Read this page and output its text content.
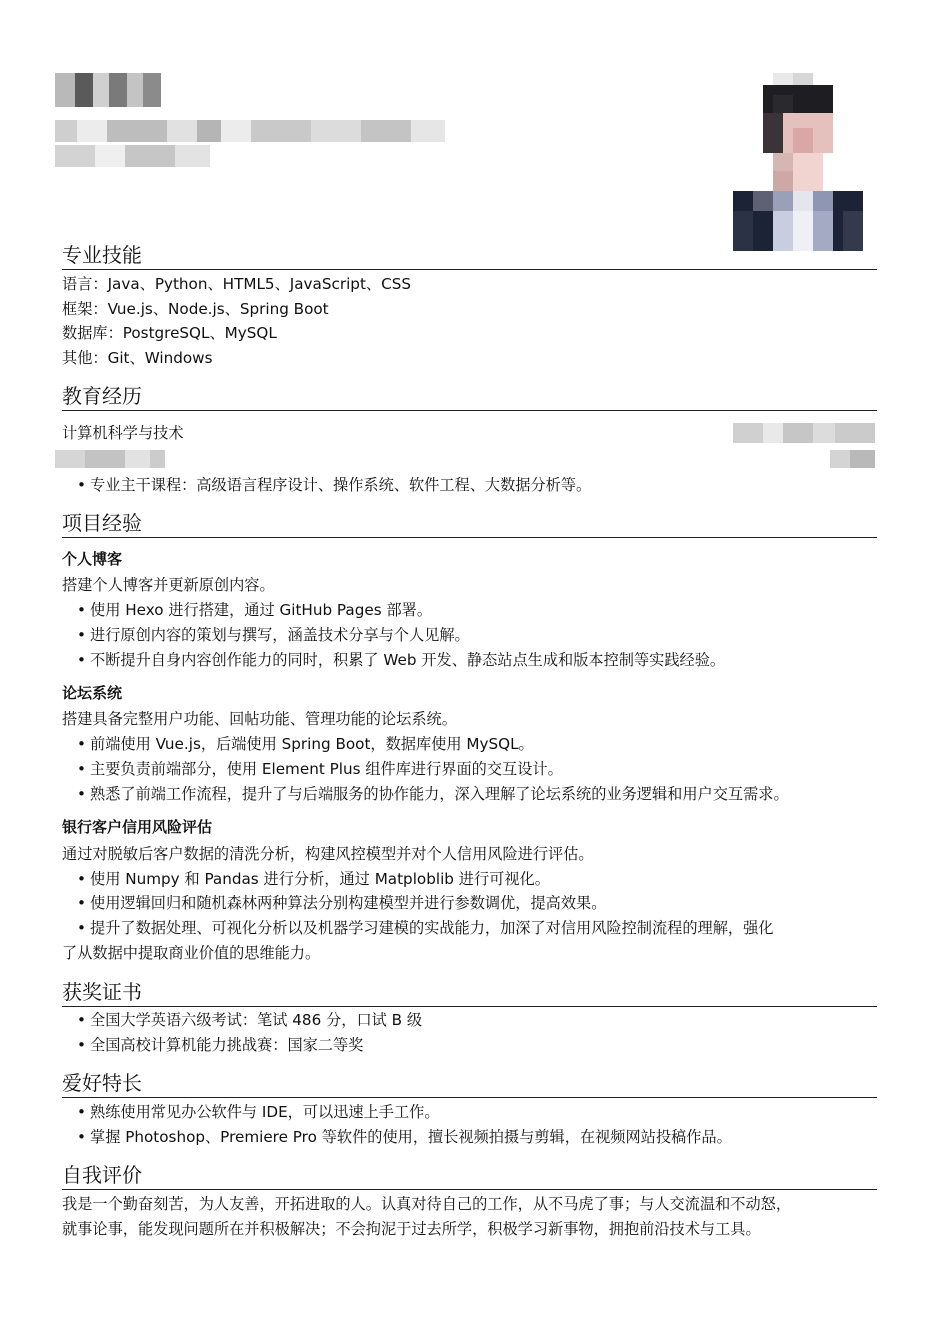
专业技能
语言：Java、Python、HTML5、JavaScript、CSS
框架：Vue.js、Node.js、Spring Boot
数据库：PostgreSQL、MySQL
其他：Git、Windows
教育经历
计算机科学与技术
• 专业主干课程：高级语言程序设计、操作系统、软件工程、大数据分析等。
项目经验
个人博客
搭建个人博客并更新原创内容。
• 使用 Hexo 进行搭建，通过 GitHub Pages 部署。
• 进行原创内容的策划与撰写，涵盖技术分享与个人见解。
• 不断提升自身内容创作能力的同时，积累了 Web 开发、静态站点生成和版本控制等实践经验。
论坛系统
搭建具备完整用户功能、回帖功能、管理功能的论坛系统。
• 前端使用 Vue.js，后端使用 Spring Boot，数据库使用 MySQL。
• 主要负责前端部分，使用 Element Plus 组件库进行界面的交互设计。
• 熟悉了前端工作流程，提升了与后端服务的协作能力，深入理解了论坛系统的业务逻辑和用户交互需求。
银行客户信用风险评估
通过对脱敏后客户数据的清洗分析，构建风控模型并对个人信用风险进行评估。
• 使用 Numpy 和 Pandas 进行分析，通过 Matploblib 进行可视化。
• 使用逻辑回归和随机森林两种算法分别构建模型并进行参数调优，提高效果。
• 提升了数据处理、可视化分析以及机器学习建模的实战能力，加深了对信用风险控制流程的理解，强化
了从数据中提取商业价值的思维能力。
获奖证书
• 全国大学英语六级考试：笔试 486 分，口试 B 级
• 全国高校计算机能力挑战赛：国家二等奖
爱好特长
• 熟练使用常见办公软件与 IDE，可以迅速上手工作。
• 掌握 Photoshop、Premiere Pro 等软件的使用，擅长视频拍摄与剪辑，在视频网站投稿作品。
自我评价
我是一个勤奋刻苦，为人友善，开拓进取的人。认真对待自己的工作，从不马虎了事；与人交流温和不动怒，
就事论事，能发现问题所在并积极解决；不会拘泥于过去所学，积极学习新事物，拥抱前沿技术与工具。
